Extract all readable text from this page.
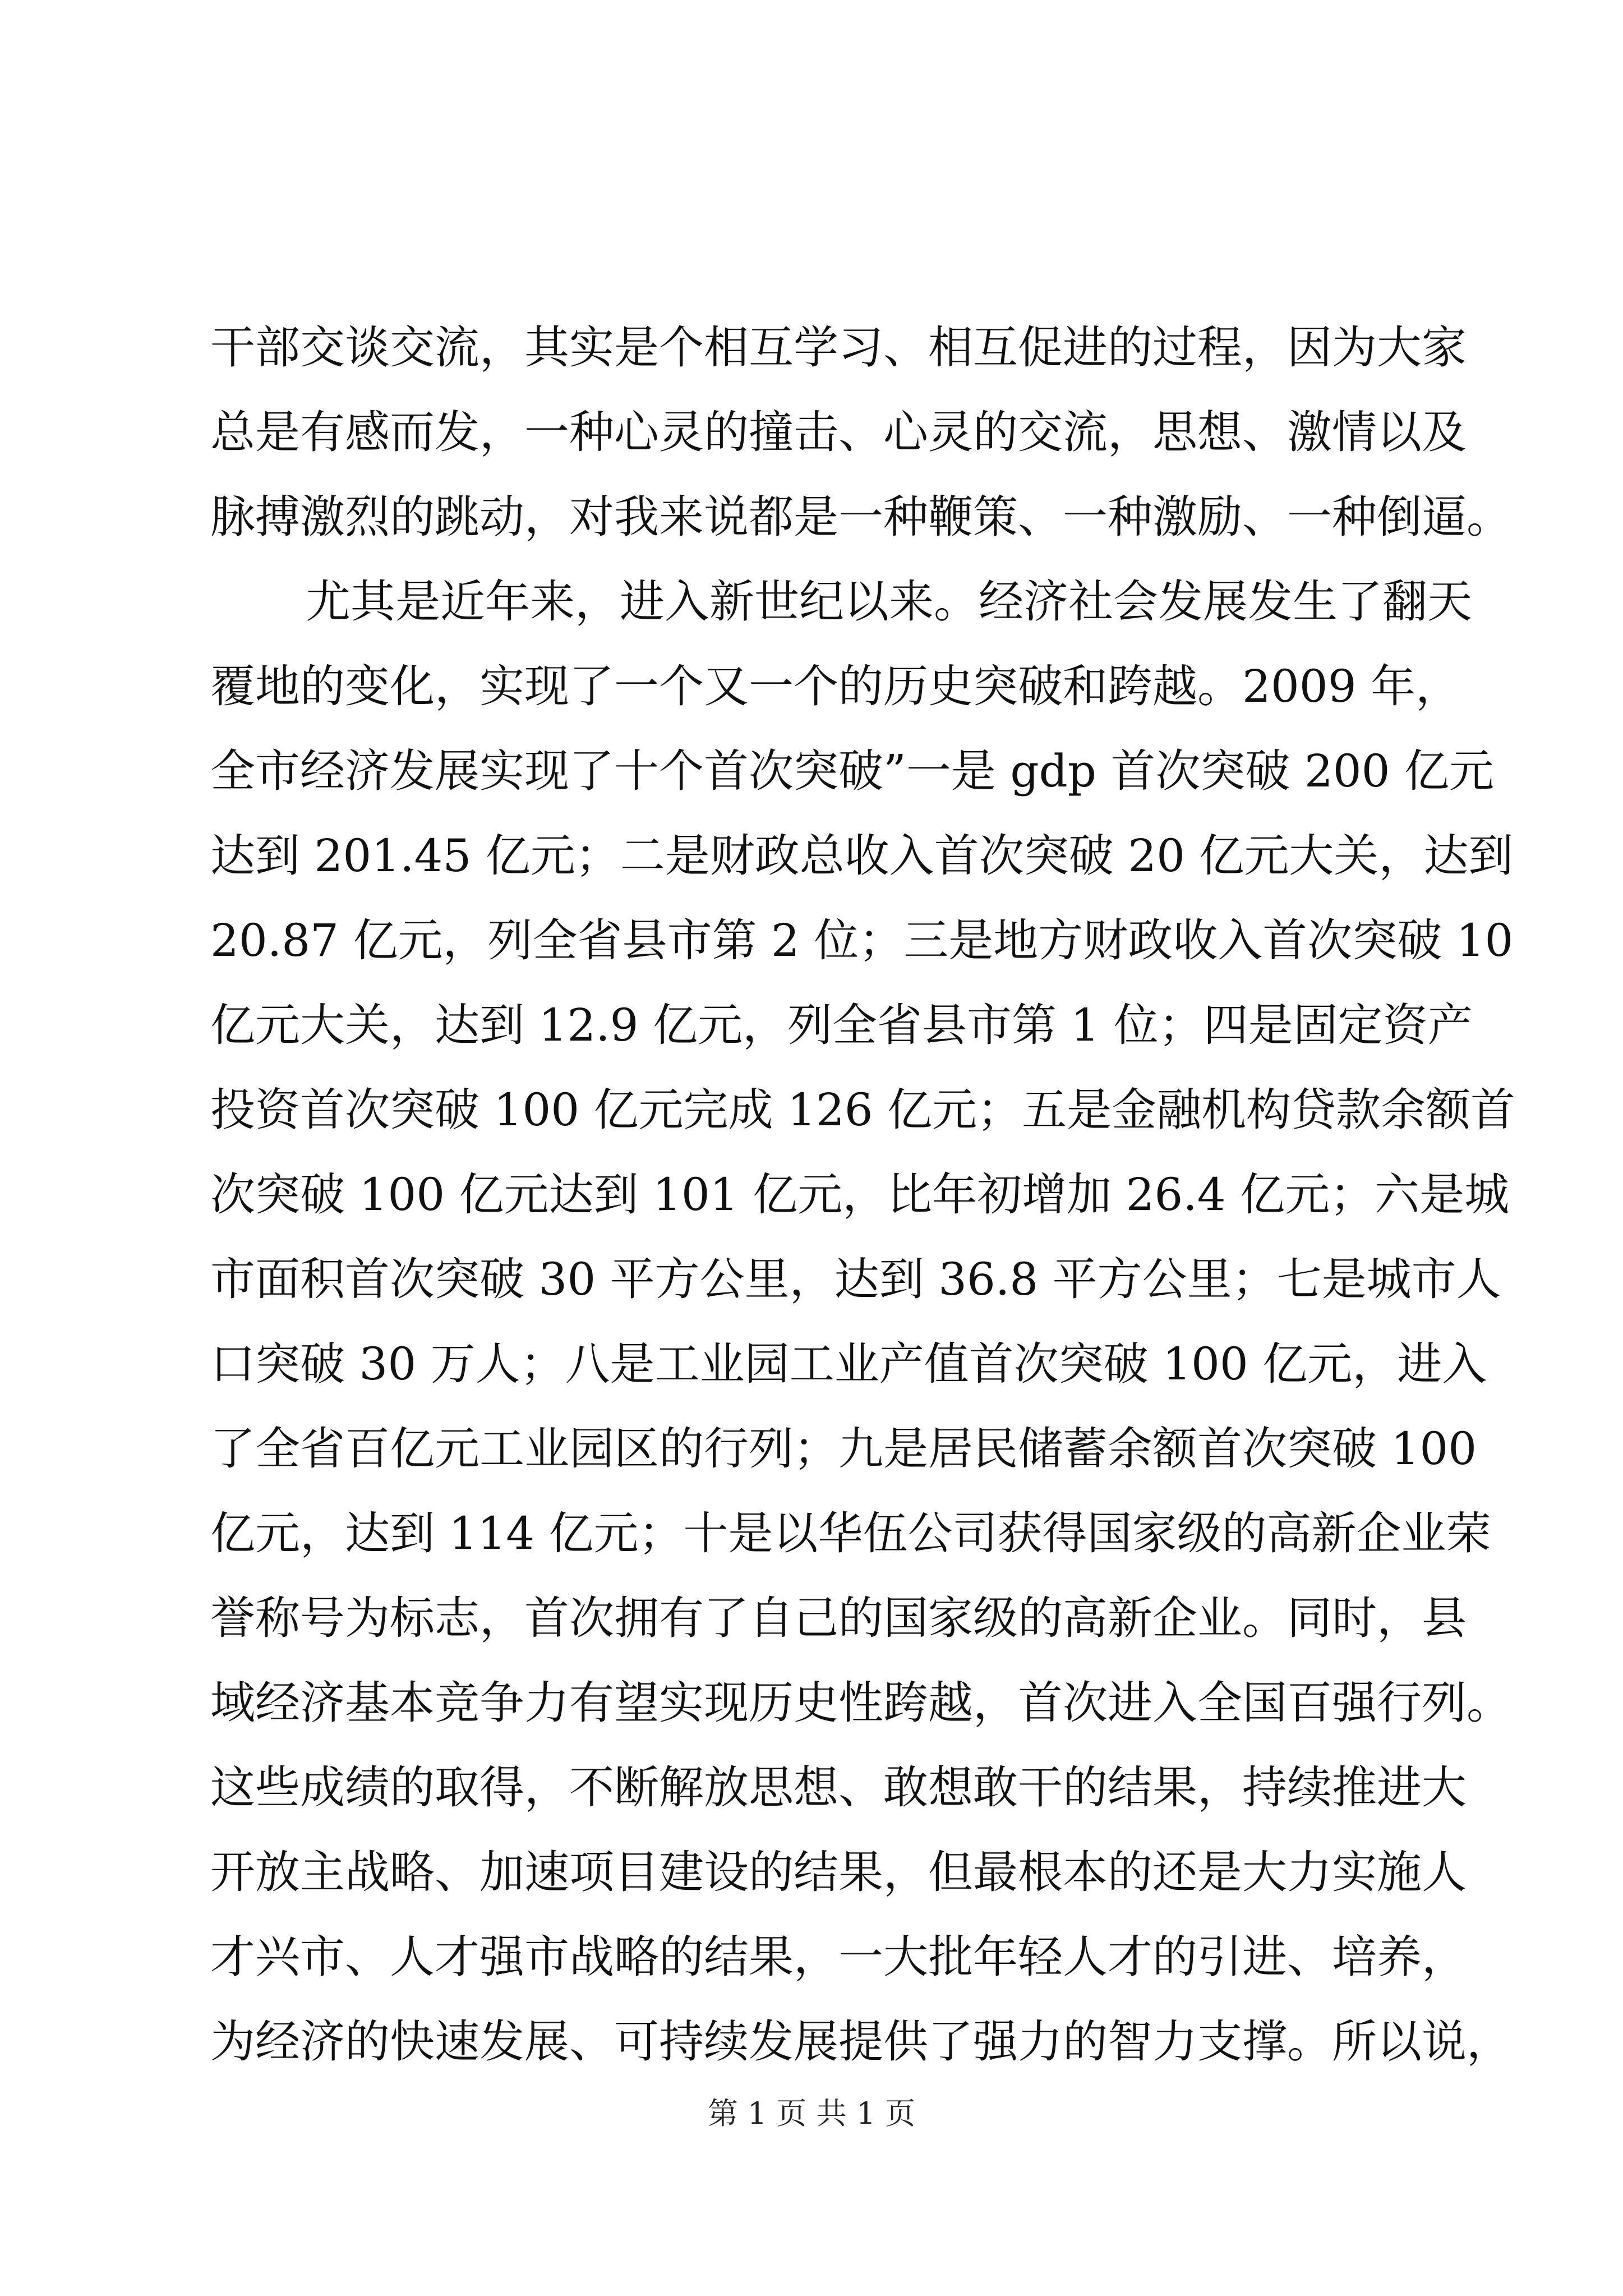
干部交谈交流，其实是个相互学习、相互促进的过程，因为大家
总是有感而发，一种心灵的撞击、心灵的交流，思想、激情以及
脉搏激烈的跳动，对我来说都是一种鞭策、一种激励、一种倒逼。
尤其是近年来，进入新世纪以来。经济社会发展发生了翻天
覆地的变化，实现了一个又一个的历史突破和跨越。2009 年，
全市经济发展实现了十个首次突破”一是 gdp 首次突破 200 亿元
达到 201.45 亿元；二是财政总收入首次突破 20 亿元大关，达到
20.87 亿元，列全省县市第 2 位；三是地方财政收入首次突破 10
亿元大关，达到 12.9 亿元，列全省县市第 1 位；四是固定资产
投资首次突破 100 亿元完成 126 亿元；五是金融机构贷款余额首
次突破 100 亿元达到 101 亿元，比年初增加 26.4 亿元；六是城
市面积首次突破 30 平方公里，达到 36.8 平方公里；七是城市人
口突破 30 万人；八是工业园工业产值首次突破 100 亿元，进入
了全省百亿元工业园区的行列；九是居民储蓄余额首次突破 100
亿元，达到 114 亿元；十是以华伍公司获得国家级的高新企业荣
誉称号为标志，首次拥有了自己的国家级的高新企业。同时，县
域经济基本竞争力有望实现历史性跨越，首次进入全国百强行列。
这些成绩的取得，不断解放思想、敢想敢干的结果，持续推进大
开放主战略、加速项目建设的结果，但最根本的还是大力实施人
才兴市、人才强市战略的结果，一大批年轻人才的引进、培养，
为经济的快速发展、可持续发展提供了强力的智力支撑。所以说，
第 1 页 共 1 页
